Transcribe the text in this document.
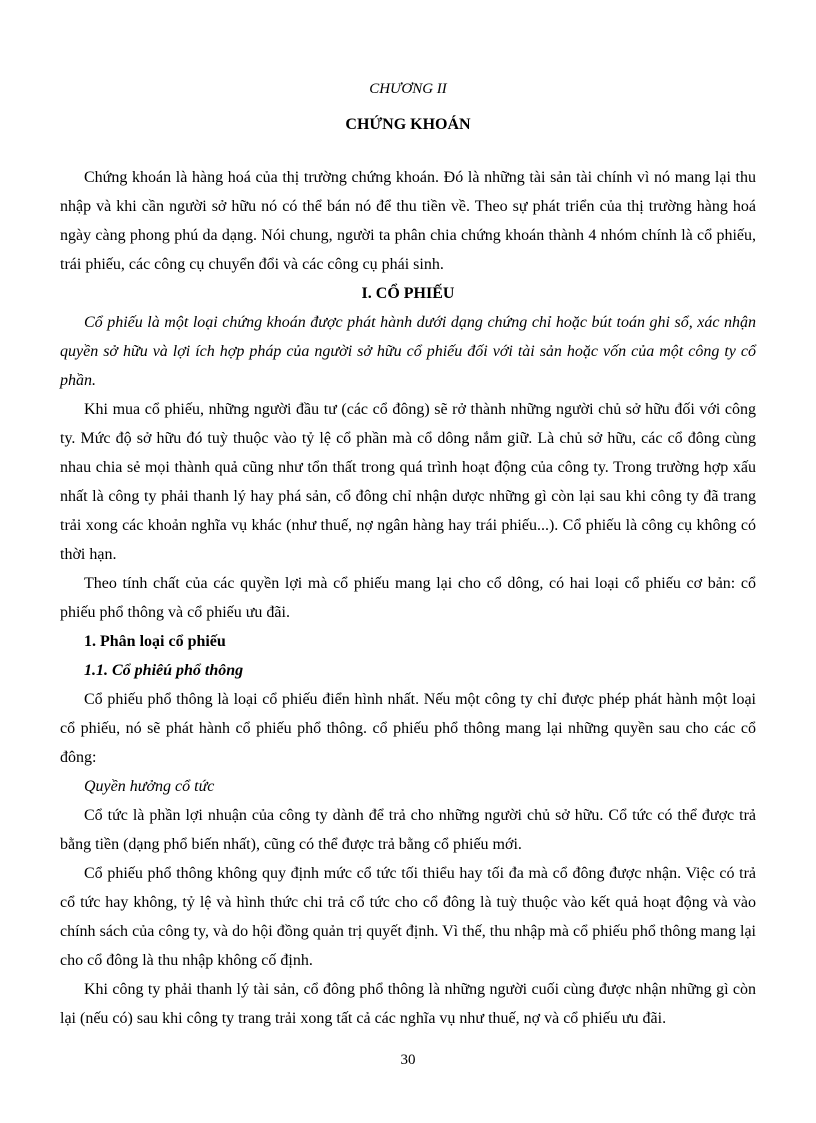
CHƯƠNG II
CHỨNG KHOÁN

Chứng khoán là hàng hoá của thị trường chứng khoán. Đó là những tài sản tài chính vì nó mang lại thu nhập và khi cần người sở hữu nó có thể bán nó để thu tiền về. Theo sự phát triển của thị trường hàng hoá ngày càng phong phú da dạng. Nói chung, người ta phân chia chứng khoán thành 4 nhóm chính là cổ phiếu, trái phiếu, các công cụ chuyển đổi và các công cụ phái sinh.

I. CỔ PHIẾU

Cổ phiếu là một loại chứng khoán được phát hành dưới dạng chứng chỉ hoặc bút toán ghi sổ, xác nhận quyền sở hữu và lợi ích hợp pháp của người sở hữu cổ phiếu đối với tài sản hoặc vốn của một công ty cổ phần.

Khi mua cổ phiếu, những người đầu tư (các cổ đông) sẽ rở thành những người chủ sở hữu đối với công ty. Mức độ sở hữu đó tuỳ thuộc vào tỷ lệ cổ phần mà cổ dông nắm giữ. Là chủ sở hữu, các cổ đông cùng nhau chia sẻ mọi thành quả cũng như tổn thất trong quá trình hoạt động của công ty. Trong trường hợp xấu nhất là công ty phải thanh lý hay phá sản, cổ đông chỉ nhận dược những gì còn lại sau khi công ty đã trang trải xong các khoản nghĩa vụ khác (như thuế, nợ ngân hàng hay trái phiếu...). Cổ phiếu là công cụ không có thời hạn.

Theo tính chất của các quyền lợi mà cổ phiếu mang lại cho cổ dông, có hai loại cổ phiếu cơ bản: cổ phiếu phổ thông và cổ phiếu ưu đãi.

1. Phân loại cổ phiếu
1.1. Cổ phiêú phổ thông

Cổ phiếu phổ thông là loại cổ phiếu điển hình nhất. Nếu một công ty chỉ được phép phát hành một loại cổ phiếu, nó sẽ phát hành cổ phiếu phổ thông. cổ phiếu phổ thông mang lại những quyền sau cho các cổ đông:

Quyền hưởng cổ tức

Cổ tức là phần lợi nhuận của công ty dành để trả cho những người chủ sở hữu. Cổ tức có thể được trả bằng tiền (dạng phổ biến nhất), cũng có thể được trả bằng cổ phiếu mới.

Cổ phiếu phổ thông không quy định mức cổ tức tối thiểu hay tối đa mà cổ đông được nhận. Việc có trả cổ tức hay không, tỷ lệ và hình thức chi trả cổ tức cho cổ đông là tuỳ thuộc vào kết quả hoạt động và vào chính sách của công ty, và do hội đồng quản trị quyết định. Vì thế, thu nhập mà cổ phiếu phổ thông mang lại cho cổ đông là thu nhập không cố định.

Khi công ty phải thanh lý tài sản, cổ đông phổ thông là những người cuối cùng được nhận những gì còn lại (nếu có) sau khi công ty trang trải xong tất cả các nghĩa vụ như thuế, nợ và cổ phiếu ưu đãi.

30
